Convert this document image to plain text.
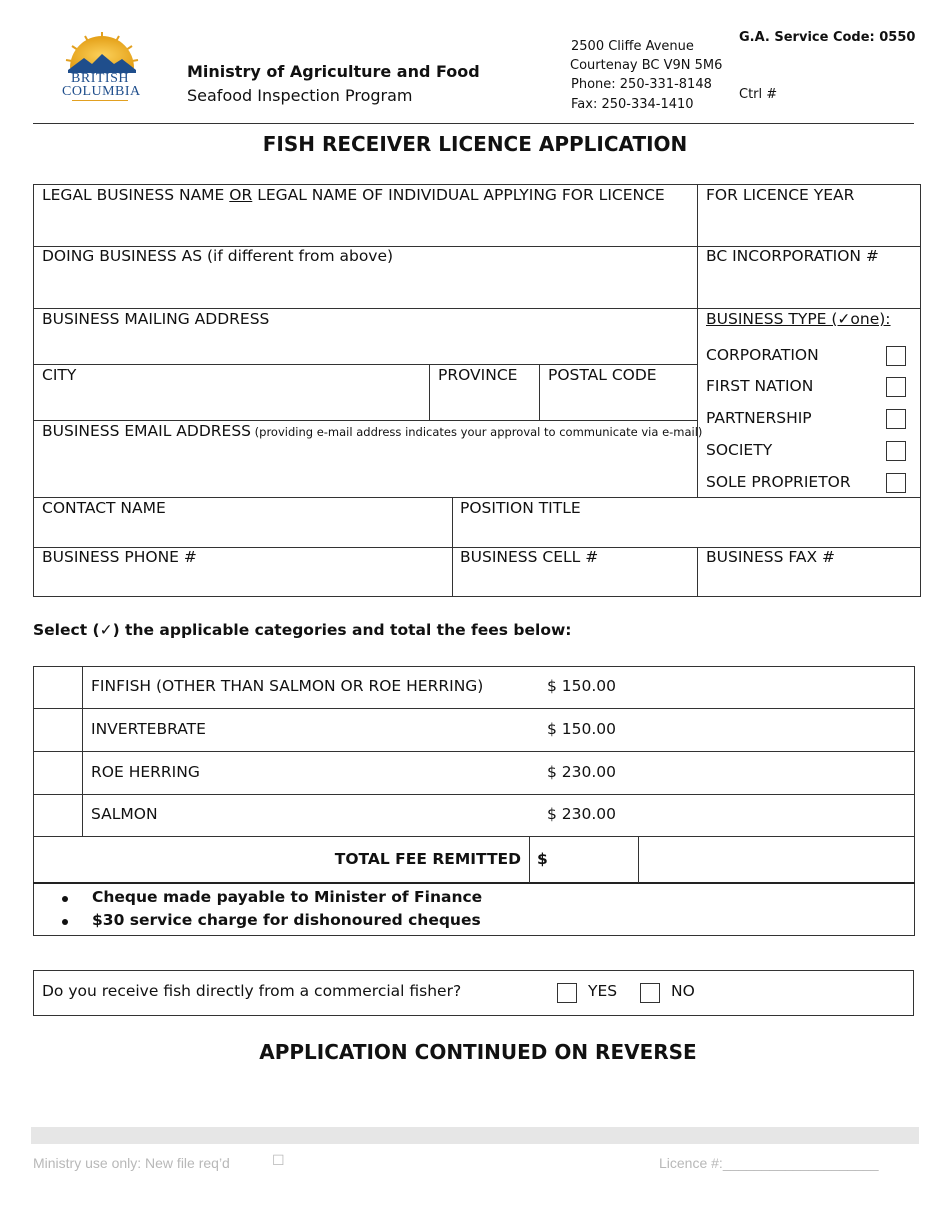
BRITISH
COLUMBIA
Ministry of Agriculture and Food
Seafood Inspection Program
2500 Cliffe Avenue
Courtenay BC V9N 5M6
Phone: 250-331-8148
Fax: 250-334-1410
G.A. Service Code: 0550
Ctrl #
FISH RECEIVER LICENCE APPLICATION
LEGAL BUSINESS NAME OR LEGAL NAME OF INDIVIDUAL APPLYING FOR LICENCE	FOR LICENCE YEAR
DOING BUSINESS AS (if different from above)	BC INCORPORATION #
BUSINESS MAILING ADDRESS	BUSINESS TYPE (✓one):
CITY	PROVINCE POSTAL CODE
BUSINESS EMAIL ADDRESS (providing e-mail address indicates your approval to communicate via e-mail)
CONTACT NAME	POSITION TITLE
BUSINESS PHONE #	BUSINESS CELL #	BUSINESS FAX #
CORPORATION
FIRST NATION
PARTNERSHIP
SOCIETY
SOLE PROPRIETOR
Select (✓) the applicable categories and total the fees below:
FINFISH (OTHER THAN SALMON OR ROE HERRING)	$ 150.00
INVERTEBRATE	$ 150.00
ROE HERRING	$ 230.00
SALMON	$ 230.00
TOTAL FEE REMITTED $
Cheque made payable to Minister of Finance
$30 service charge for dishonoured cheques
Do you receive fish directly from a commercial fisher?	YES	NO
APPLICATION CONTINUED ON REVERSE
Ministry use only: New file req’d	☐	Licence #:____________________
